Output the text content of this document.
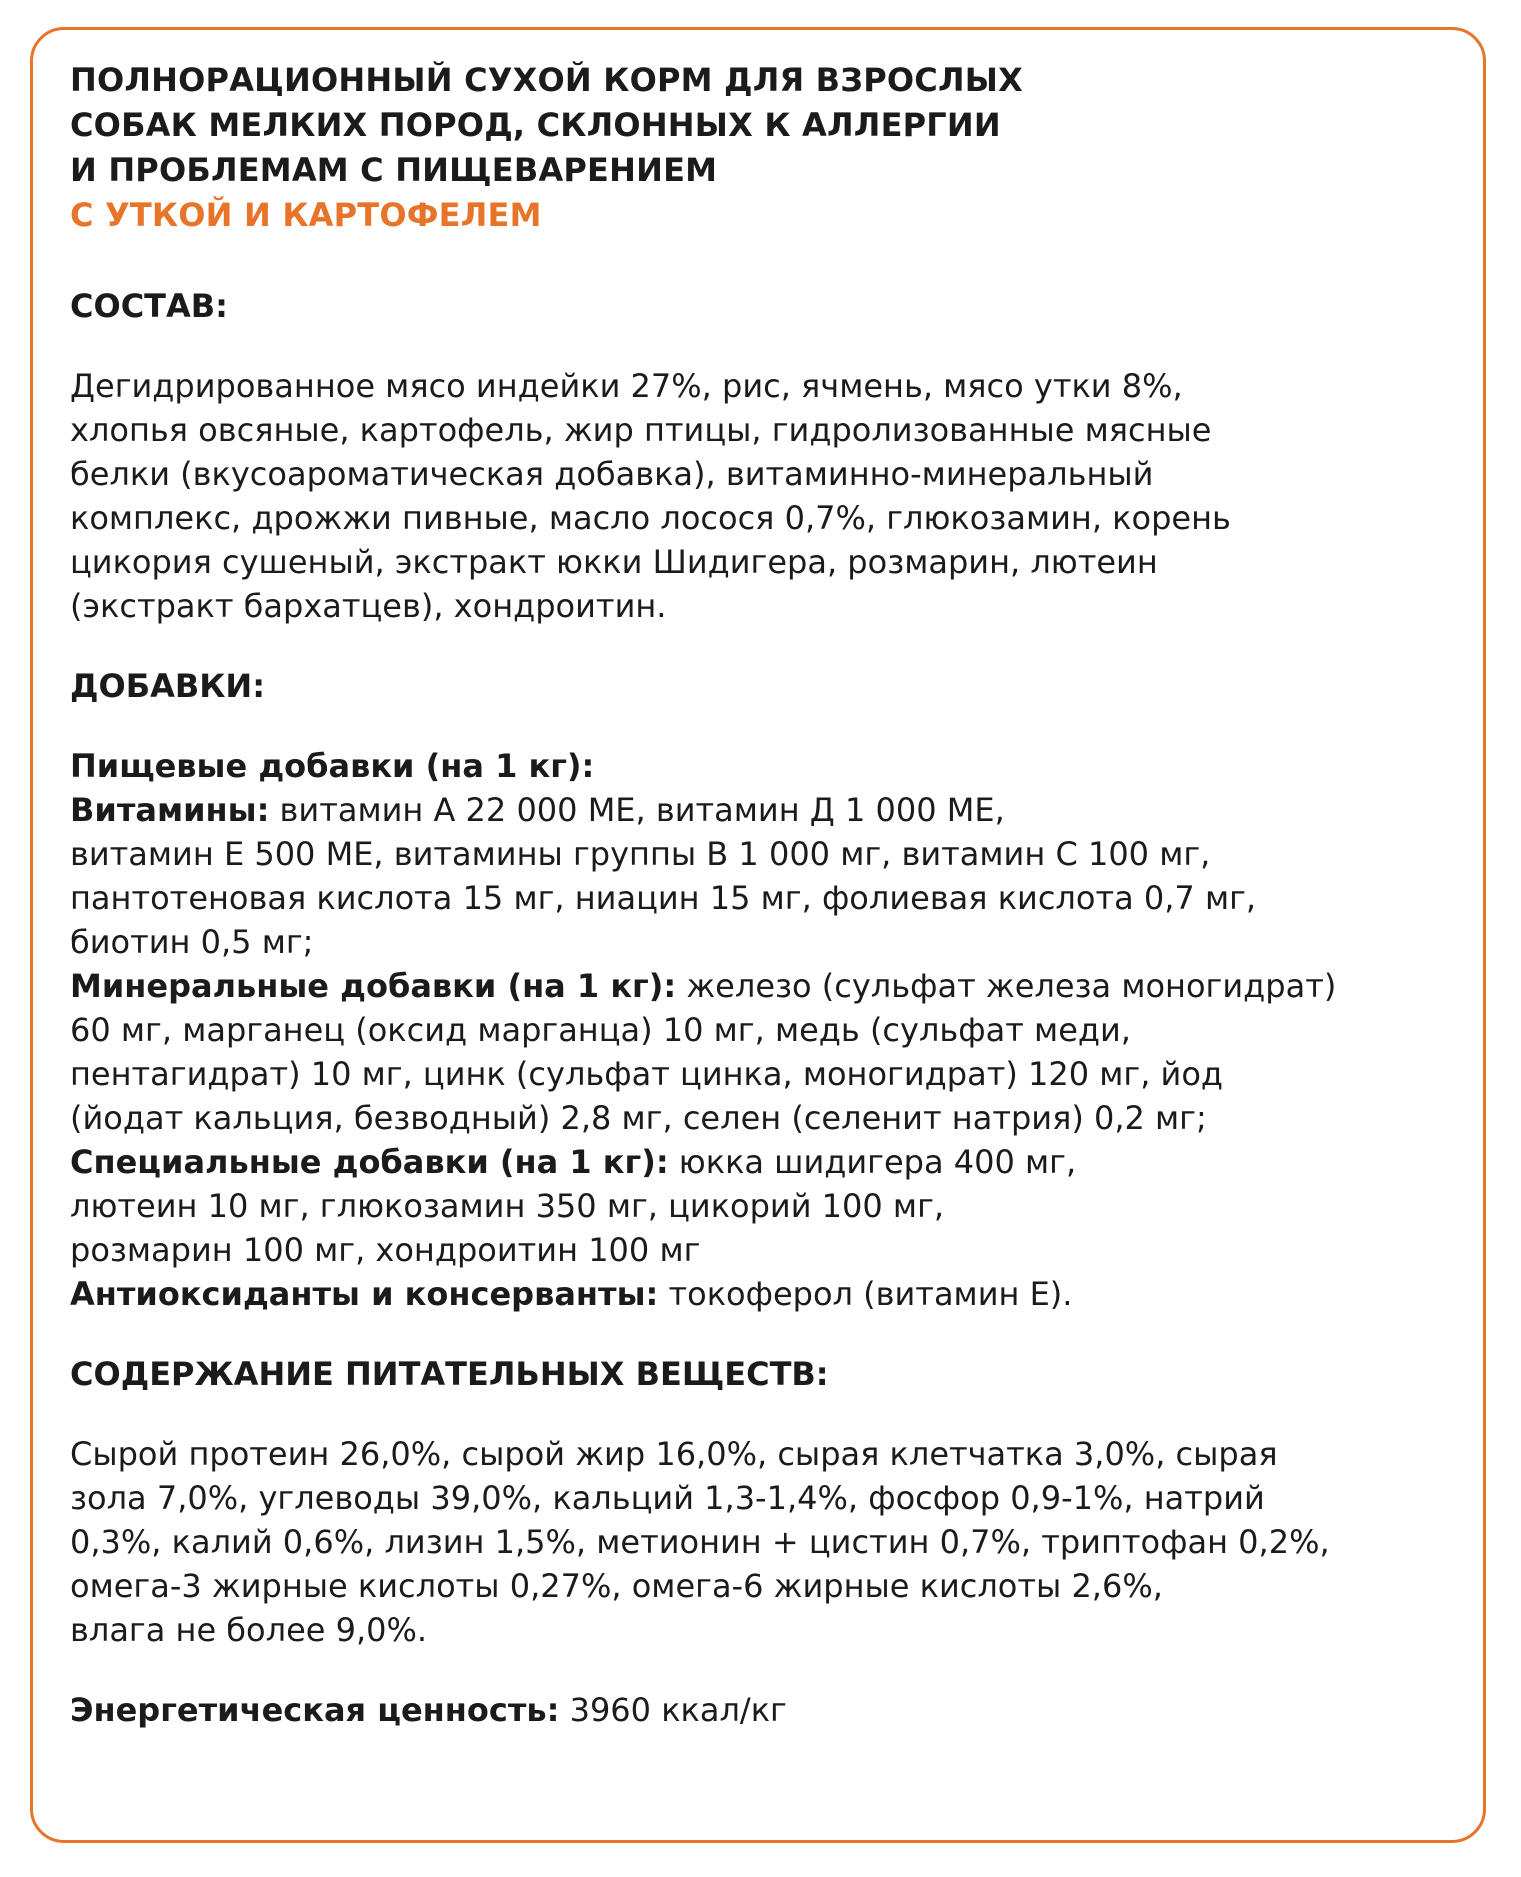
ПОЛНОРАЦИОННЫЙ СУХОЙ КОРМ ДЛЯ ВЗРОСЛЫХ
СОБАК МЕЛКИХ ПОРОД, СКЛОННЫХ К АЛЛЕРГИИ
И ПРОБЛЕМАМ С ПИЩЕВАРЕНИЕМ
С УТКОЙ И КАРТОФЕЛЕМ
СОСТАВ:

Дегидрированное мясо индейки 27%, рис, ячмень, мясо утки 8%,
хлопья овсяные, картофель, жир птицы, гидролизованные мясные
белки (вкусоароматическая добавка), витаминно-минеральный
комплекс, дрожжи пивные, масло лосося 0,7%, глюкозамин, корень
цикория сушеный, экстракт юкки Шидигера, розмарин, лютеин
(экстракт бархатцев), хондроитин.

ДОБАВКИ:

Пищевые добавки (на 1 кг):
Витамины: витамин А 22 000 МЕ, витамин Д 1 000 МЕ,
витамин Е 500 МЕ, витамины группы В 1 000 мг, витамин С 100 мг,
пантотеновая кислота 15 мг, ниацин 15 мг, фолиевая кислота 0,7 мг,
биотин 0,5 мг;
Минеральные добавки (на 1 кг): железо (сульфат железа моногидрат)
60 мг, марганец (оксид марганца) 10 мг, медь (сульфат меди,
пентагидрат) 10 мг, цинк (сульфат цинка, моногидрат) 120 мг, йод
(йодат кальция, безводный) 2,8 мг, селен (селенит натрия) 0,2 мг;
Специальные добавки (на 1 кг): юкка шидигера 400 мг,
лютеин 10 мг, глюкозамин 350 мг, цикорий 100 мг,
розмарин 100 мг, хондроитин 100 мг
Антиоксиданты и консерванты: токоферол (витамин Е).

СОДЕРЖАНИЕ ПИТАТЕЛЬНЫХ ВЕЩЕСТВ:

Сырой протеин 26,0%, сырой жир 16,0%, сырая клетчатка 3,0%, сырая
зола 7,0%, углеводы 39,0%, кальций 1,3-1,4%, фосфор 0,9-1%, натрий
0,3%, калий 0,6%, лизин 1,5%, метионин + цистин 0,7%, триптофан 0,2%,
омега-3 жирные кислоты 0,27%, омега-6 жирные кислоты 2,6%,
влага не более 9,0%.

Энергетическая ценность: 3960 ккал/кг
